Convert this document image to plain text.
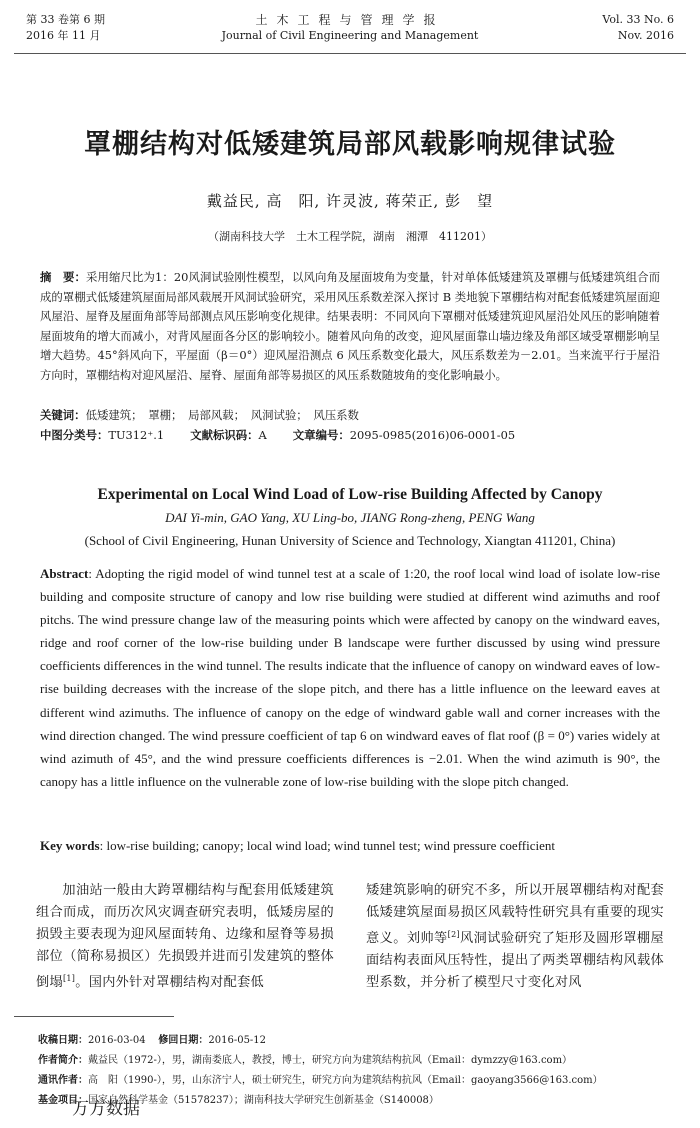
第 33 卷第 6 期
2016 年 11 月
土木工程与管理学报
Journal of Civil Engineering and Management
Vol. 33 No. 6
Nov. 2016
罩棚结构对低矮建筑局部风载影响规律试验
戴益民, 高　阳, 许灵波, 蒋荣正, 彭　望
（湖南科技大学　土木工程学院，湖南　湘潭　411201）
摘　要：采用缩尺比为1：20风洞试验刚性模型，以风向角及屋面坡角为变量，针对单体低矮建筑及罩棚与低矮建筑组合而成的罩棚式低矮建筑屋面局部风载展开风洞试验研究，采用风压系数差深入探讨 B 类地貌下罩棚结构对配套低矮建筑屋面迎风屋沿、屋脊及屋面角部等局部测点风压影响变化规律。结果表明：不同风向下罩棚对低矮建筑迎风屋沿处风压的影响随着屋面坡角的增大而减小，对背风屋面各分区的影响较小。随着风向角的改变，迎风屋面靠山墙边缘及角部区域受罩棚影响呈增大趋势。45°斜风向下，平屋面（β＝0°）迎风屋沿测点 6 风压系数变化最大，风压系数差为－2.01。当来流平行于屋沿方向时，罩棚结构对迎风屋沿、屋脊、屋面角部等易损区的风压系数随坡角的变化影响最小。
关键词：低矮建筑；　罩棚；　局部风载；　风洞试验；　风压系数
中图分类号：TU312⁺.1 文献标识码：A 文章编号：2095-0985(2016)06-0001-05
Experimental on Local Wind Load of Low-rise Building Affected by Canopy
DAI Yi-min, GAO Yang, XU Ling-bo, JIANG Rong-zheng, PENG Wang
(School of Civil Engineering, Hunan University of Science and Technology, Xiangtan 411201, China)
Abstract: Adopting the rigid model of wind tunnel test at a scale of 1:20, the roof local wind load of isolate low-rise building and composite structure of canopy and low rise building were studied at different wind azimuths and roof pitchs. The wind pressure change law of the measuring points which were affected by canopy on the windward eaves, ridge and roof corner of the low-rise building under B landscape were further discussed by using wind pressure coefficients differences in the wind tunnel. The results indicate that the influence of canopy on windward eaves of low-rise building decreases with the increase of the slope pitch, and there has a little influence on the leeward eaves at different wind azimuths. The influence of canopy on the edge of windward gable wall and corner increases with the wind direction changed. The wind pressure coefficient of tap 6 on windward eaves of flat roof (β = 0°) varies widely at wind azimuth of 45°, and the wind pressure coefficients differences is −2.01. When the wind azimuth is 90°, the canopy has a little influence on the vulnerable zone of low-rise building with the slope pitch changed.
Key words: low-rise building; canopy; local wind load; wind tunnel test; wind pressure coefficient
加油站一般由大跨罩棚结构与配套用低矮建筑组合而成，而历次风灾调查研究表明，低矮房屋的损毁主要表现为迎风屋面转角、边缘和屋脊等易损部位（简称易损区）先损毁并进而引发建筑的整体倒塌[1]。国内外针对罩棚结构对配套低
矮建筑影响的研究不多，所以开展罩棚结构对配套低矮建筑屋面易损区风载特性研究具有重要的现实意义。刘帅等[2]风洞试验研究了矩形及圆形罩棚屋面结构表面风压特性，提出了两类罩棚结构风载体型系数，并分析了模型尺寸变化对风
收稿日期：2016-03-04 修回日期：2016-05-12
作者简介：戴益民（1972-），男，湖南娄底人，教授，博士，研究方向为建筑结构抗风（Email：dymzzy@163.com）
通讯作者：高　阳（1990-），男，山东济宁人，硕士研究生，研究方向为建筑结构抗风（Email：gaoyang3566@163.com）
基金项目：国家自然科学基金（51578237）；湖南科技大学研究生创新基金（S140008）
万方数据
